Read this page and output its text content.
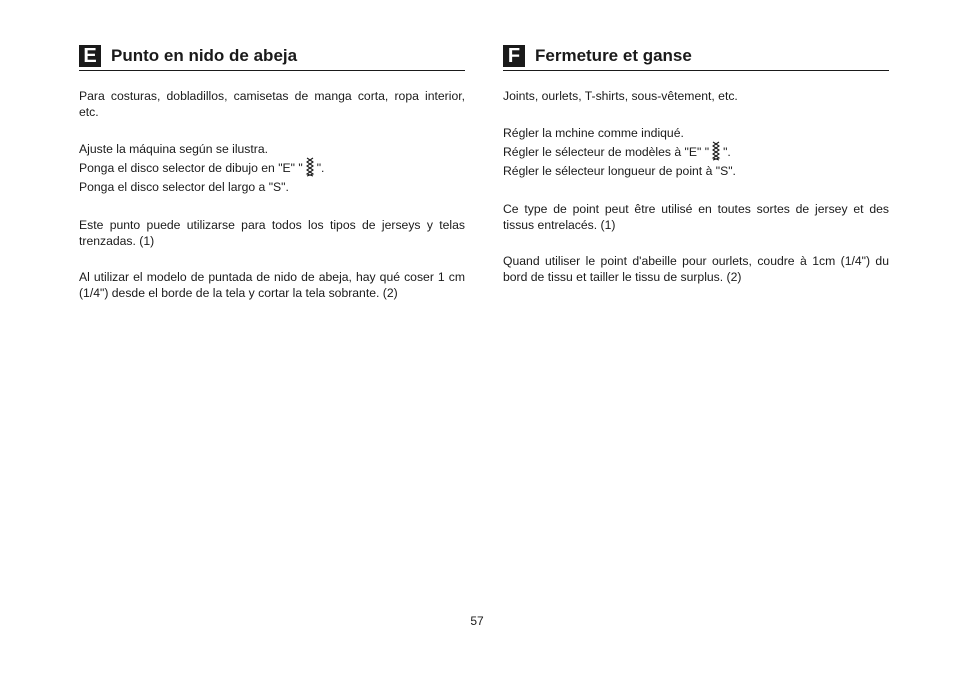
E Punto en nido de abeja

Para costuras, dobladillos, camisetas de manga corta, ropa interior, etc.

Ajuste la máquina según se ilustra.

Ponga el disco selector de dibujo en "E" " ".

Ponga el disco selector del largo a "S".

Este punto puede utilizarse para todos los tipos de jerseys y telas trenzadas. (1)

Al utilizar el modelo de puntada de nido de abeja, hay qué coser 1 cm (1/4") desde el borde de la tela y cortar la tela sobrante. (2)

F Fermeture et ganse

Joints, ourlets, T-shirts, sous-vêtement, etc.

Régler la mchine comme indiqué.

Régler le sélecteur de modèles à "E" " ".

Régler le sélecteur longueur de point à "S".

Ce type de point peut être utilisé en toutes sortes de jersey et des tissus entrelacés. (1)

Quand utiliser le point d'abeille pour ourlets, coudre à 1cm (1/4") du bord de tissu et tailler le tissu de surplus. (2)

57
